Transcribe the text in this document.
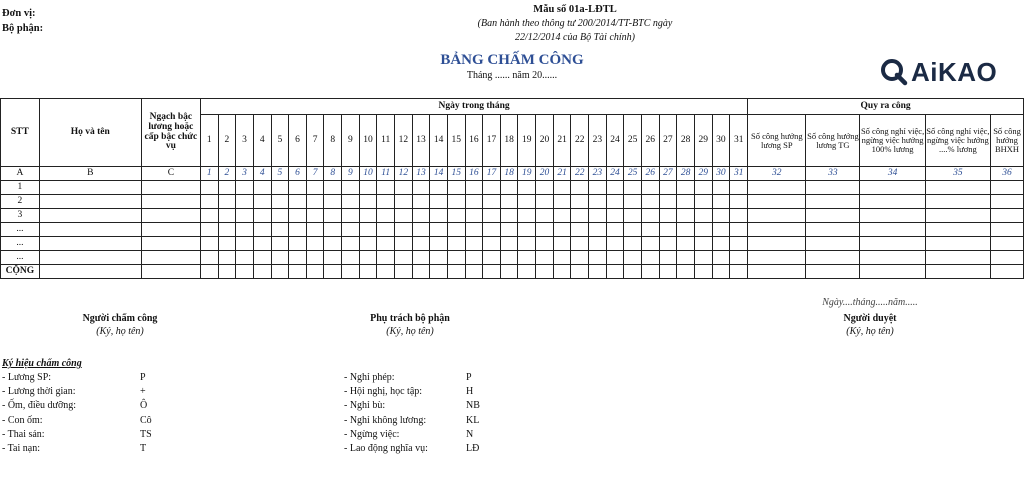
Đơn vị:
Bộ phận:
Mẫu số 01a-LĐTL
(Ban hành theo thông tư 200/2014/TT-BTC ngày
22/12/2014 của Bộ Tài chính)
BẢNG CHẤM CÔNG
Tháng ...... năm 20......	AiKAO
STT	Họ và tên	Ngạch bậc lương hoặc cấp bậc chức vụ	Ngày trong tháng																															Quy ra công				
			1	2	3	4	5	6	7	8	9	10	11	12	13	14	15	16	17	18	19	20	21	22	23	24	25	26	27	28	29	30	31	Số công hưởng lương SP	Số công hưởng lương TG	Số công nghỉ việc, ngừng việc hưởng 100% lương	Số công nghỉ việc, ngừng việc hưởng ....% lương	Số công hưởng BHXH
A	B	C	1	2	3	4	5	6	7	8	9	10	11	12	13	14	15	16	17	18	19	20	21	22	23	24	25	26	27	28	29	30	31	32	33	34	35	36
1																																						
2																																						
3																																						
...																																						
...																																						
...																																						
CỘNG																																						
Ngày....tháng.....năm.....
Người chấm công
(Ký, họ tên)
Phụ trách bộ phận
(Ký, họ tên)
Người duyệt
(Ký, họ tên)
Ký hiệu chấm công
- Lương SP:	P
- Lương thời gian:	+
- Ốm, điều dưỡng:	Ô
- Con ốm:	Cô
- Thai sản:	TS
- Tai nạn:	T
- Nghỉ phép:	P
- Hội nghị, học tập:	H
- Nghỉ bù:	NB
- Nghỉ không lương:	KL
- Ngừng việc:	N
- Lao động nghĩa vụ:	LĐ
